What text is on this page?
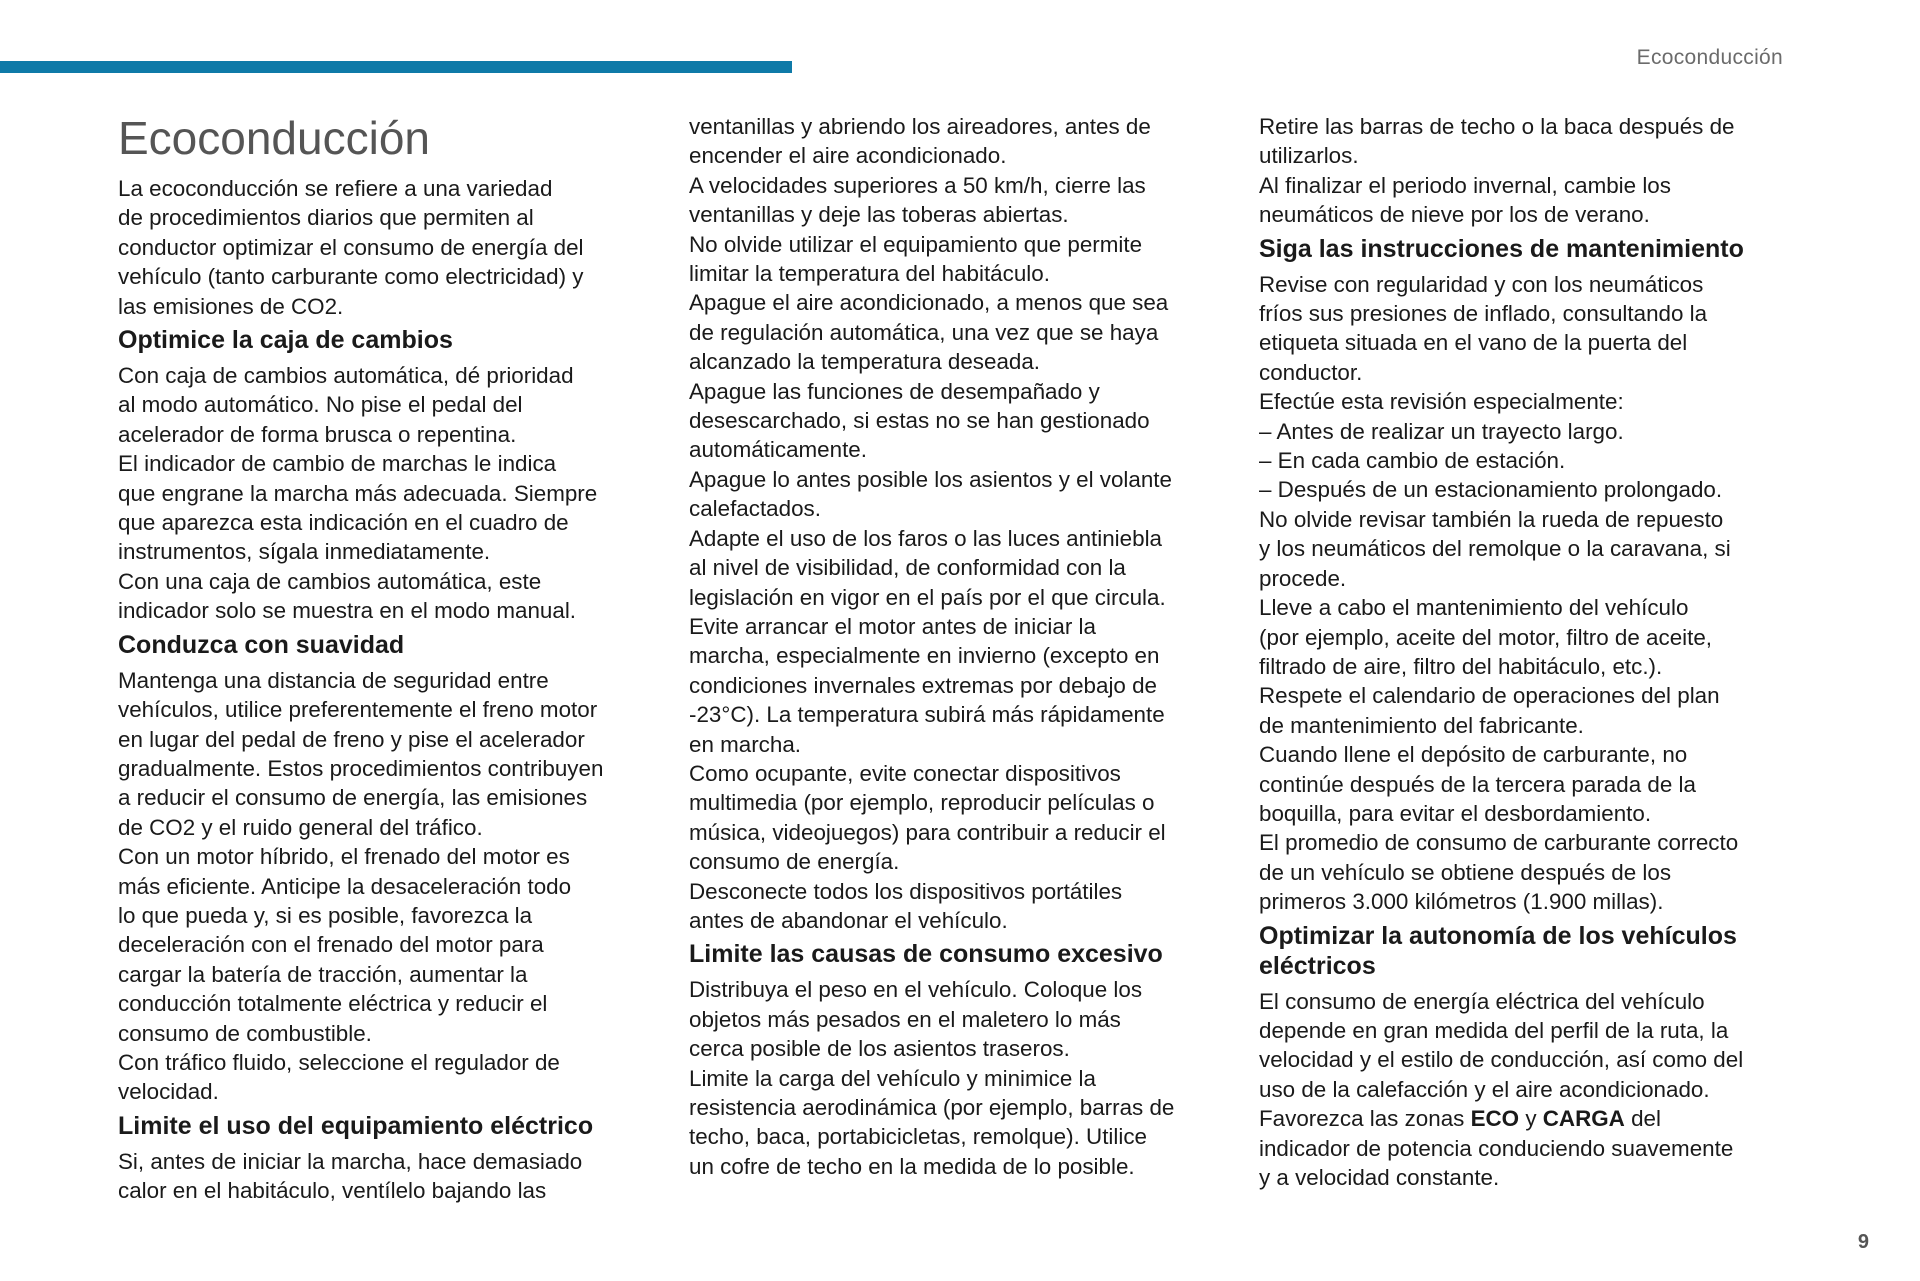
Ecoconducción
Ecoconducción

La ecoconducción se refiere a una variedad
de procedimientos diarios que permiten al
conductor optimizar el consumo de energía del
vehículo (tanto carburante como electricidad) y
las emisiones de CO2.

Optimice la caja de cambios

Con caja de cambios automática, dé prioridad
al modo automático. No pise el pedal del
acelerador de forma brusca o repentina.

El indicador de cambio de marchas le indica
que engrane la marcha más adecuada. Siempre
que aparezca esta indicación en el cuadro de
instrumentos, sígala inmediatamente.

Con una caja de cambios automática, este
indicador solo se muestra en el modo manual.

Conduzca con suavidad

Mantenga una distancia de seguridad entre
vehículos, utilice preferentemente el freno motor
en lugar del pedal de freno y pise el acelerador
gradualmente. Estos procedimientos contribuyen
a reducir el consumo de energía, las emisiones
de CO2 y el ruido general del tráfico.

Con un motor híbrido, el frenado del motor es
más eficiente. Anticipe la desaceleración todo
lo que pueda y, si es posible, favorezca la
deceleración con el frenado del motor para
cargar la batería de tracción, aumentar la
conducción totalmente eléctrica y reducir el
consumo de combustible.

Con tráfico fluido, seleccione el regulador de
velocidad.

Limite el uso del equipamiento eléctrico

Si, antes de iniciar la marcha, hace demasiado
calor en el habitáculo, ventílelo bajando las

ventanillas y abriendo los aireadores, antes de
encender el aire acondicionado.

A velocidades superiores a 50 km/h, cierre las
ventanillas y deje las toberas abiertas.

No olvide utilizar el equipamiento que permite
limitar la temperatura del habitáculo.

Apague el aire acondicionado, a menos que sea
de regulación automática, una vez que se haya
alcanzado la temperatura deseada.

Apague las funciones de desempañado y
desescarchado, si estas no se han gestionado
automáticamente.

Apague lo antes posible los asientos y el volante
calefactados.

Adapte el uso de los faros o las luces antiniebla
al nivel de visibilidad, de conformidad con la
legislación en vigor en el país por el que circula.

Evite arrancar el motor antes de iniciar la
marcha, especialmente en invierno (excepto en
condiciones invernales extremas por debajo de
-23°C). La temperatura subirá más rápidamente
en marcha.

Como ocupante, evite conectar dispositivos
multimedia (por ejemplo, reproducir películas o
música, videojuegos) para contribuir a reducir el
consumo de energía.

Desconecte todos los dispositivos portátiles
antes de abandonar el vehículo.

Limite las causas de consumo excesivo

Distribuya el peso en el vehículo. Coloque los
objetos más pesados en el maletero lo más
cerca posible de los asientos traseros.

Limite la carga del vehículo y minimice la
resistencia aerodinámica (por ejemplo, barras de
techo, baca, portabicicletas, remolque). Utilice
un cofre de techo en la medida de lo posible.

Retire las barras de techo o la baca después de
utilizarlos.

Al finalizar el periodo invernal, cambie los
neumáticos de nieve por los de verano.

Siga las instrucciones de mantenimiento

Revise con regularidad y con los neumáticos
fríos sus presiones de inflado, consultando la
etiqueta situada en el vano de la puerta del
conductor.

Efectúe esta revisión especialmente:
– Antes de realizar un trayecto largo.
– En cada cambio de estación.
– Después de un estacionamiento prolongado.

No olvide revisar también la rueda de repuesto
y los neumáticos del remolque o la caravana, si
procede.

Lleve a cabo el mantenimiento del vehículo
(por ejemplo, aceite del motor, filtro de aceite,
filtrado de aire, filtro del habitáculo, etc.).

Respete el calendario de operaciones del plan
de mantenimiento del fabricante.

Cuando llene el depósito de carburante, no
continúe después de la tercera parada de la
boquilla, para evitar el desbordamiento.

El promedio de consumo de carburante correcto
de un vehículo se obtiene después de los
primeros 3.000 kilómetros (1.900 millas).

Optimizar la autonomía de los vehículos
eléctricos

El consumo de energía eléctrica del vehículo
depende en gran medida del perfil de la ruta, la
velocidad y el estilo de conducción, así como del
uso de la calefacción y el aire acondicionado.

Favorezca las zonas ECO y CARGA del
indicador de potencia conduciendo suavemente
y a velocidad constante.

9
